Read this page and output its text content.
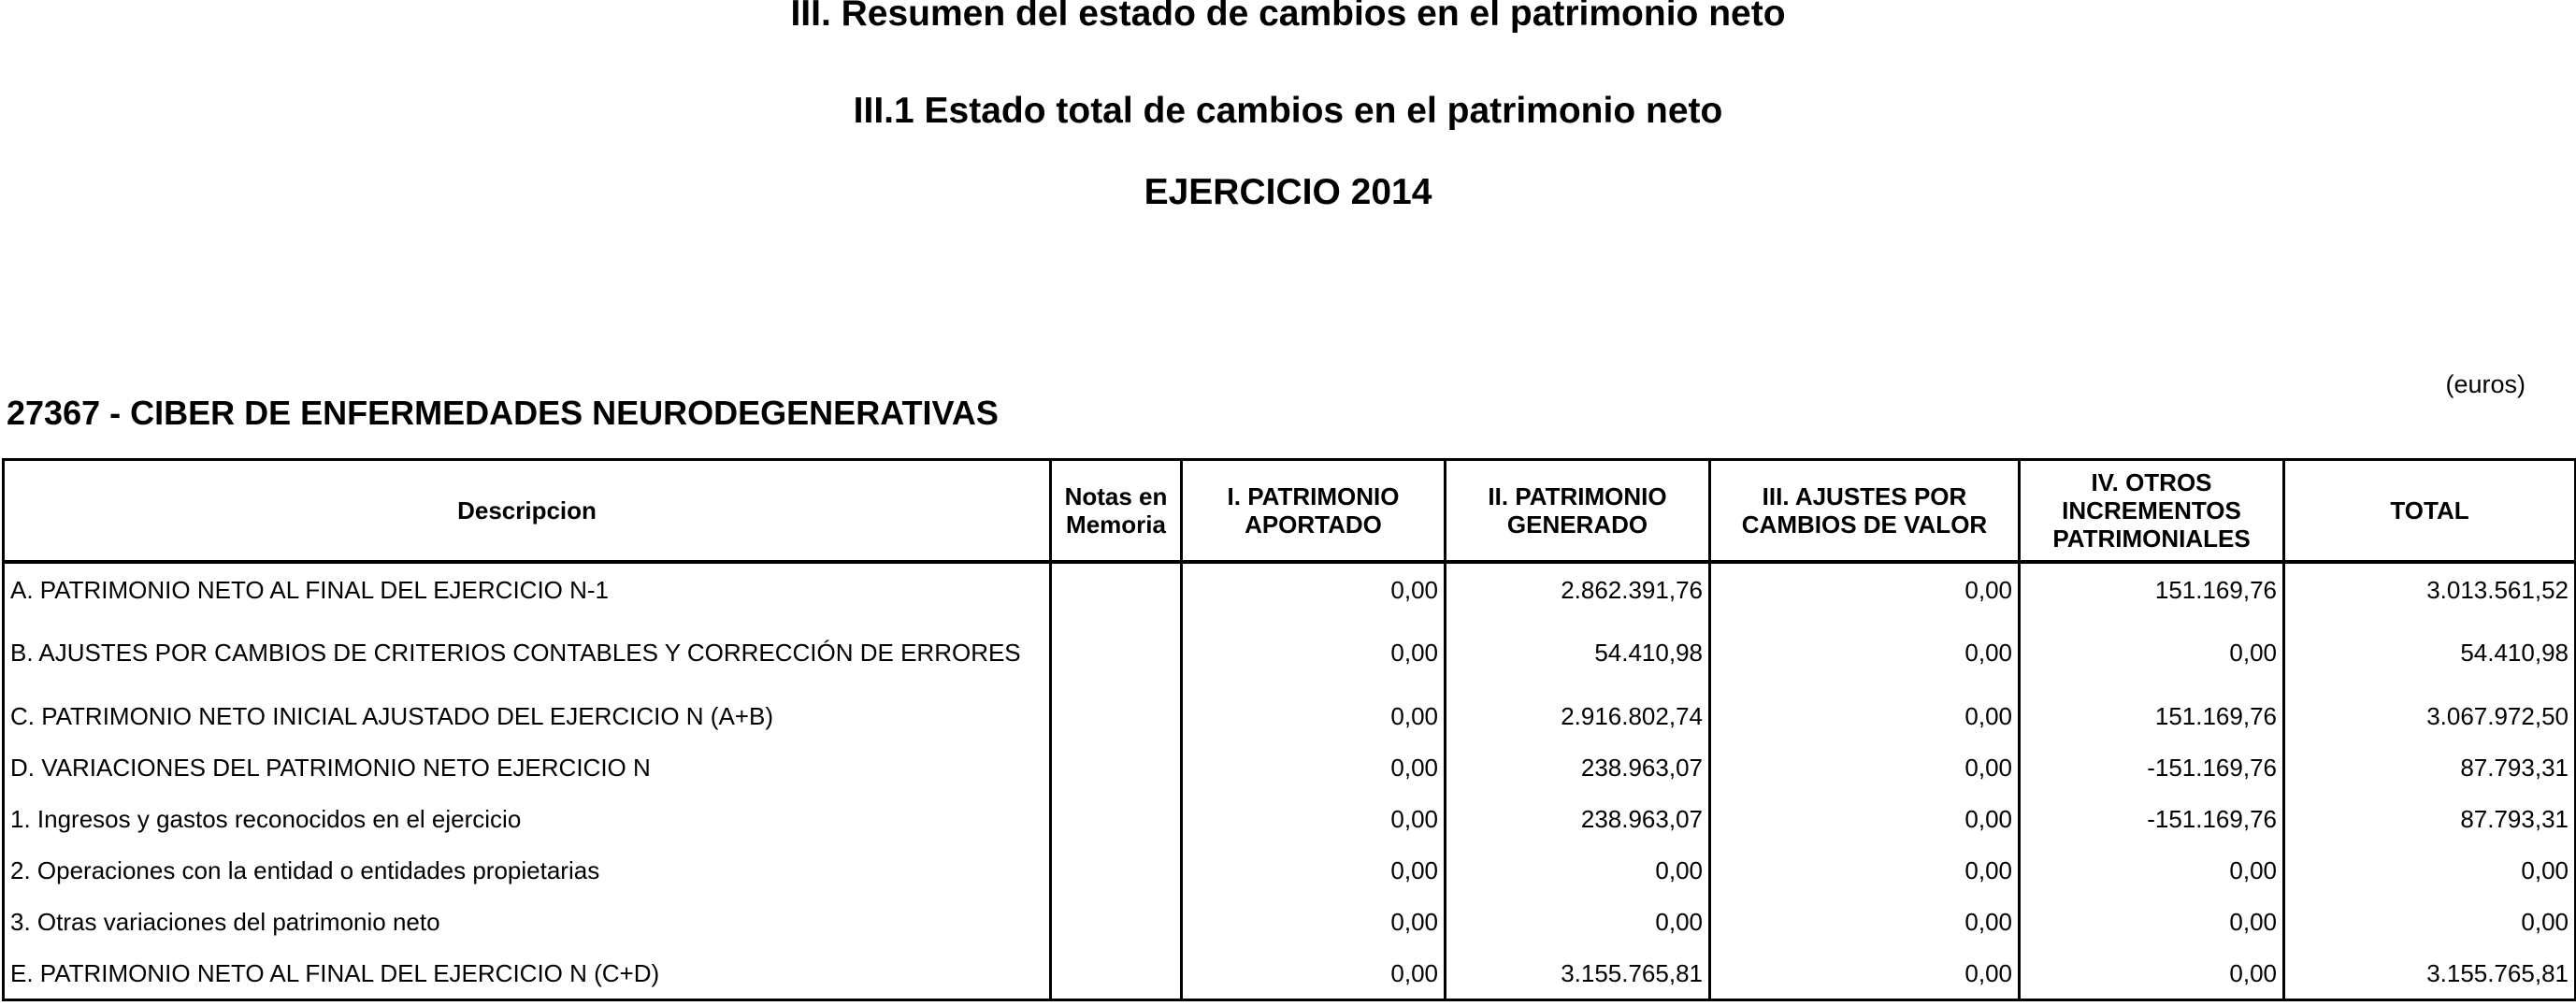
III. Resumen del estado de cambios en el patrimonio neto
III.1 Estado total de cambios en el patrimonio neto
EJERCICIO 2014
(euros)
27367 - CIBER DE ENFERMEDADES NEURODEGENERATIVAS
Descripcion	Notas en Memoria	I. PATRIMONIO APORTADO	II. PATRIMONIO GENERADO	III. AJUSTES POR CAMBIOS DE VALOR	IV. OTROS INCREMENTOS PATRIMONIALES	TOTAL
A. PATRIMONIO NETO AL FINAL DEL EJERCICIO N-1		0,00	2.862.391,76	0,00	151.169,76	3.013.561,52
B. AJUSTES POR CAMBIOS DE CRITERIOS CONTABLES Y CORRECCIÓN DE ERRORES		0,00	54.410,98	0,00	0,00	54.410,98
C. PATRIMONIO NETO INICIAL AJUSTADO DEL EJERCICIO N (A+B)		0,00	2.916.802,74	0,00	151.169,76	3.067.972,50
D. VARIACIONES DEL PATRIMONIO NETO EJERCICIO N		0,00	238.963,07	0,00	-151.169,76	87.793,31
1. Ingresos y gastos reconocidos en el ejercicio		0,00	238.963,07	0,00	-151.169,76	87.793,31
2. Operaciones con la entidad o entidades propietarias		0,00	0,00	0,00	0,00	0,00
3. Otras variaciones del patrimonio neto		0,00	0,00	0,00	0,00	0,00
E. PATRIMONIO NETO AL FINAL DEL EJERCICIO N (C+D)		0,00	3.155.765,81	0,00	0,00	3.155.765,81
